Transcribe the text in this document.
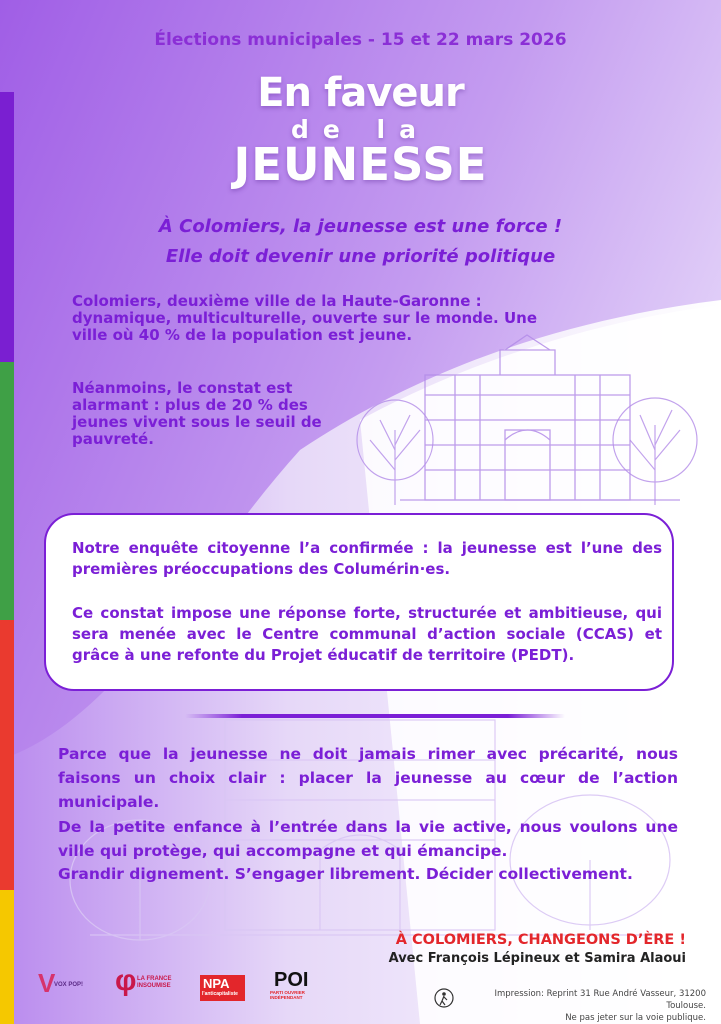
Élections municipales - 15 et 22 mars 2026
En faveur
de la
JEUNESSE
À Colomiers, la jeunesse est une force !
Elle doit devenir une priorité politique
Colomiers, deuxième ville de la Haute-Garonne : dynamique, multiculturelle, ouverte sur le monde. Une ville où 40 % de la population est jeune.
Néanmoins, le constat est alarmant : plus de 20 % des jeunes vivent sous le seuil de pauvreté.
Notre enquête citoyenne l’a confirmée : la jeunesse est l’une des premières préoccupations des Columérin·es.
Ce constat impose une réponse forte, structurée et ambitieuse, qui sera menée avec le Centre communal d’action sociale (CCAS) et grâce à une refonte du Projet éducatif de territoire (PEDT).
Parce que la jeunesse ne doit jamais rimer avec précarité, nous faisons un choix clair : placer la jeunesse au cœur de l’action municipale.
De la petite enfance à l’entrée dans la vie active, nous voulons une ville qui protège, qui accompagne et qui émancipe.
Grandir dignement. S’engager librement. Décider collectivement.
À COLOMIERS, CHANGEONS D’ÈRE !
Avec François Lépineux et Samira Alaoui
V
VOX POP! φ LA FRANCE INSOUMISE	NPA
l'anticapitaliste
POI
PARTI OUVRIER INDÉPENDANT	Impression: Reprint 31 Rue André Vasseur, 31200 Toulouse.
Ne pas jeter sur la voie publique.
